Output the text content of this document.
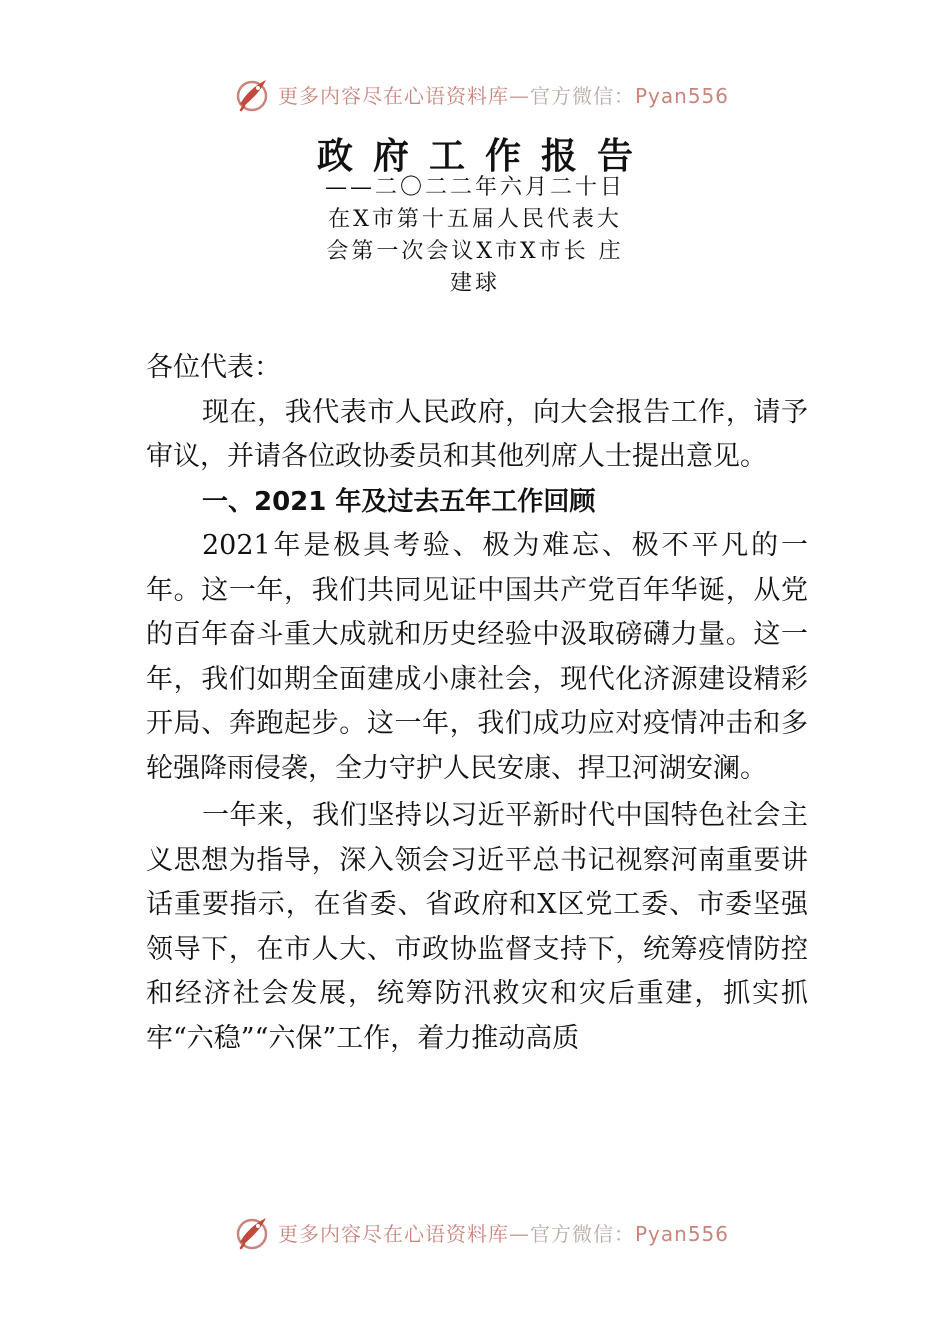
更多内容尽在心语资料库—官方微信：Pyan556
政府工作报告
——二〇二二年六月二十日
在X市第十五届人民代表大
会第一次会议X市X市长 庄
建球

各位代表：

现在，我代表市人民政府，向大会报告工作，请予审议，并请各位政协委员和其他列席人士提出意见。

一、2021 年及过去五年工作回顾

2021年是极具考验、极为难忘、极不平凡的一年。这一年，我们共同见证中国共产党百年华诞，从党的百年奋斗重大成就和历史经验中汲取磅礴力量。这一年，我们如期全面建成小康社会，现代化济源建设精彩开局、奔跑起步。这一年，我们成功应对疫情冲击和多轮强降雨侵袭，全力守护人民安康、捍卫河湖安澜。

一年来，我们坚持以习近平新时代中国特色社会主义思想为指导，深入领会习近平总书记视察河南重要讲话重要指示，在省委、省政府和X区党工委、市委坚强领导下，在市人大、市政协监督支持下，统筹疫情防控和经济社会发展，统筹防汛救灾和灾后重建，抓实抓牢“六稳”“六保”工作，着力推动高质

更多内容尽在心语资料库—官方微信：Pyan556
